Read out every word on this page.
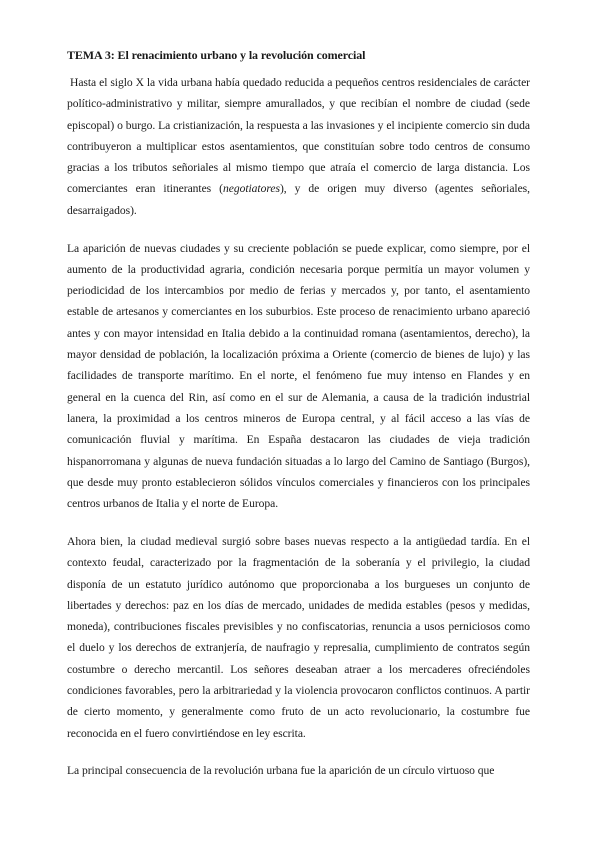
TEMA 3: El renacimiento urbano y la revolución comercial

Hasta el siglo X la vida urbana había quedado reducida a pequeños centros residenciales de carácter político-administrativo y militar, siempre amurallados, y que recibían el nombre de ciudad (sede episcopal) o burgo. La cristianización, la respuesta a las invasiones y el incipiente comercio sin duda contribuyeron a multiplicar estos asentamientos, que constituían sobre todo centros de consumo gracias a los tributos señoriales al mismo tiempo que atraía el comercio de larga distancia. Los comerciantes eran itinerantes (negotiatores), y de origen muy diverso (agentes señoriales, desarraigados).

La aparición de nuevas ciudades y su creciente población se puede explicar, como siempre, por el aumento de la productividad agraria, condición necesaria porque permitía un mayor volumen y periodicidad de los intercambios por medio de ferias y mercados y, por tanto, el asentamiento estable de artesanos y comerciantes en los suburbios. Este proceso de renacimiento urbano apareció antes y con mayor intensidad en Italia debido a la continuidad romana (asentamientos, derecho), la mayor densidad de población, la localización próxima a Oriente (comercio de bienes de lujo) y las facilidades de transporte marítimo. En el norte, el fenómeno fue muy intenso en Flandes y en general en la cuenca del Rin, así como en el sur de Alemania, a causa de la tradición industrial lanera, la proximidad a los centros mineros de Europa central, y al fácil acceso a las vías de comunicación fluvial y marítima. En España destacaron las ciudades de vieja tradición hispanorromana y algunas de nueva fundación situadas a lo largo del Camino de Santiago (Burgos), que desde muy pronto establecieron sólidos vínculos comerciales y financieros con los principales centros urbanos de Italia y el norte de Europa.

Ahora bien, la ciudad medieval surgió sobre bases nuevas respecto a la antigüedad tardía. En el contexto feudal, caracterizado por la fragmentación de la soberanía y el privilegio, la ciudad disponía de un estatuto jurídico autónomo que proporcionaba a los burgueses un conjunto de libertades y derechos: paz en los días de mercado, unidades de medida estables (pesos y medidas, moneda), contribuciones fiscales previsibles y no confiscatorias, renuncia a usos perniciosos como el duelo y los derechos de extranjería, de naufragio y represalia, cumplimiento de contratos según costumbre o derecho mercantil. Los señores deseaban atraer a los mercaderes ofreciéndoles condiciones favorables, pero la arbitrariedad y la violencia provocaron conflictos continuos. A partir de cierto momento, y generalmente como fruto de un acto revolucionario, la costumbre fue reconocida en el fuero convirtiéndose en ley escrita.

La principal consecuencia de la revolución urbana fue la aparición de un círculo virtuoso que
